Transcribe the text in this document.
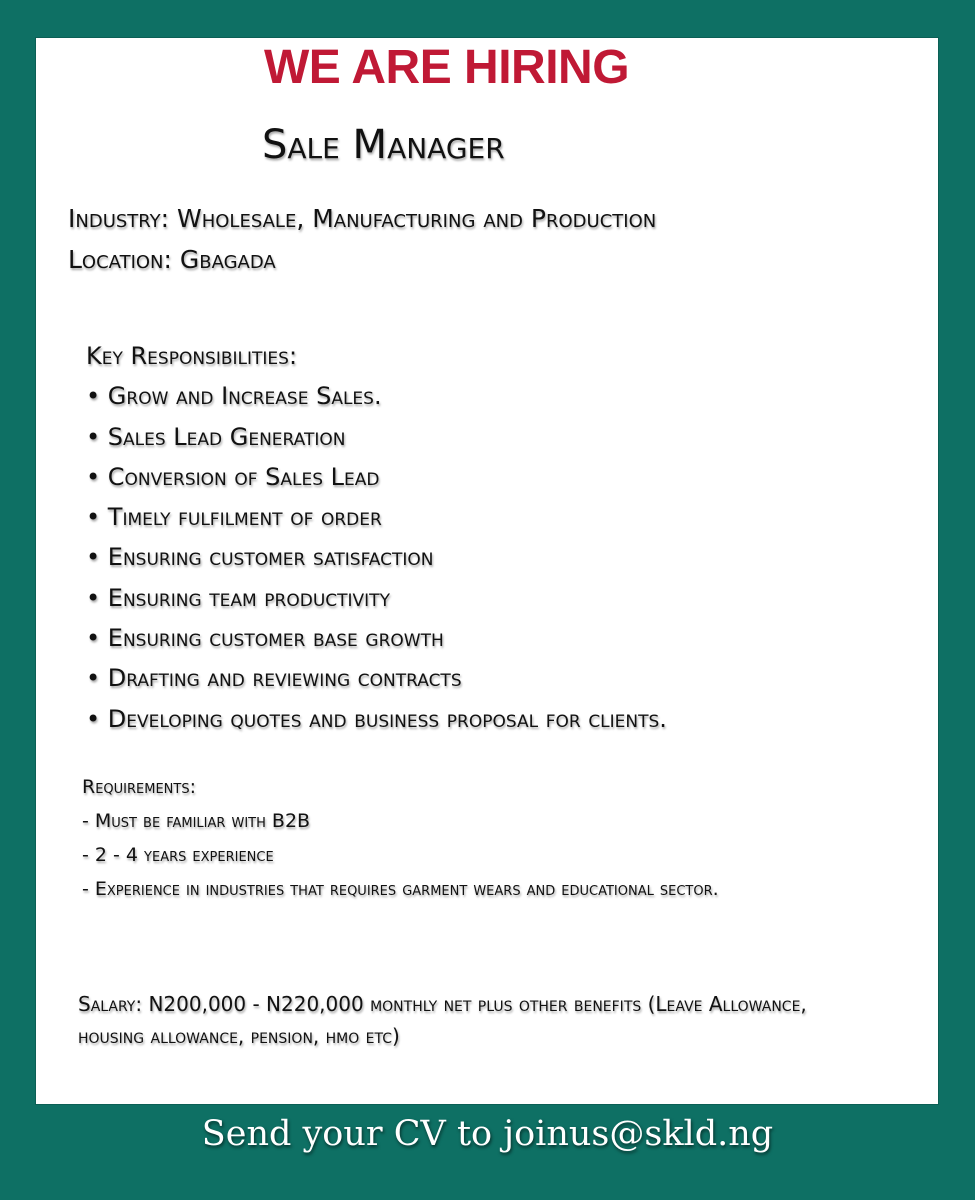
WE ARE HIRING
Sale Manager
Industry: Wholesale, Manufacturing and Production
Location: Gbagada
Key Responsibilities:
• Grow and Increase Sales.
• Sales Lead Generation
• Conversion of Sales Lead
• Timely fulfilment of order
• Ensuring customer satisfaction
• Ensuring team productivity
• Ensuring customer base growth
• Drafting and reviewing contracts
• Developing quotes and business proposal for clients.
Requirements:
- Must be familiar with B2B
- 2 - 4 years experience
- Experience in industries that requires garment wears and educational sector.
Salary: N200,000 - N220,000 monthly net plus other benefits (Leave Allowance, housing allowance, pension, hmo etc)
Send your CV to joinus@skld.ng
